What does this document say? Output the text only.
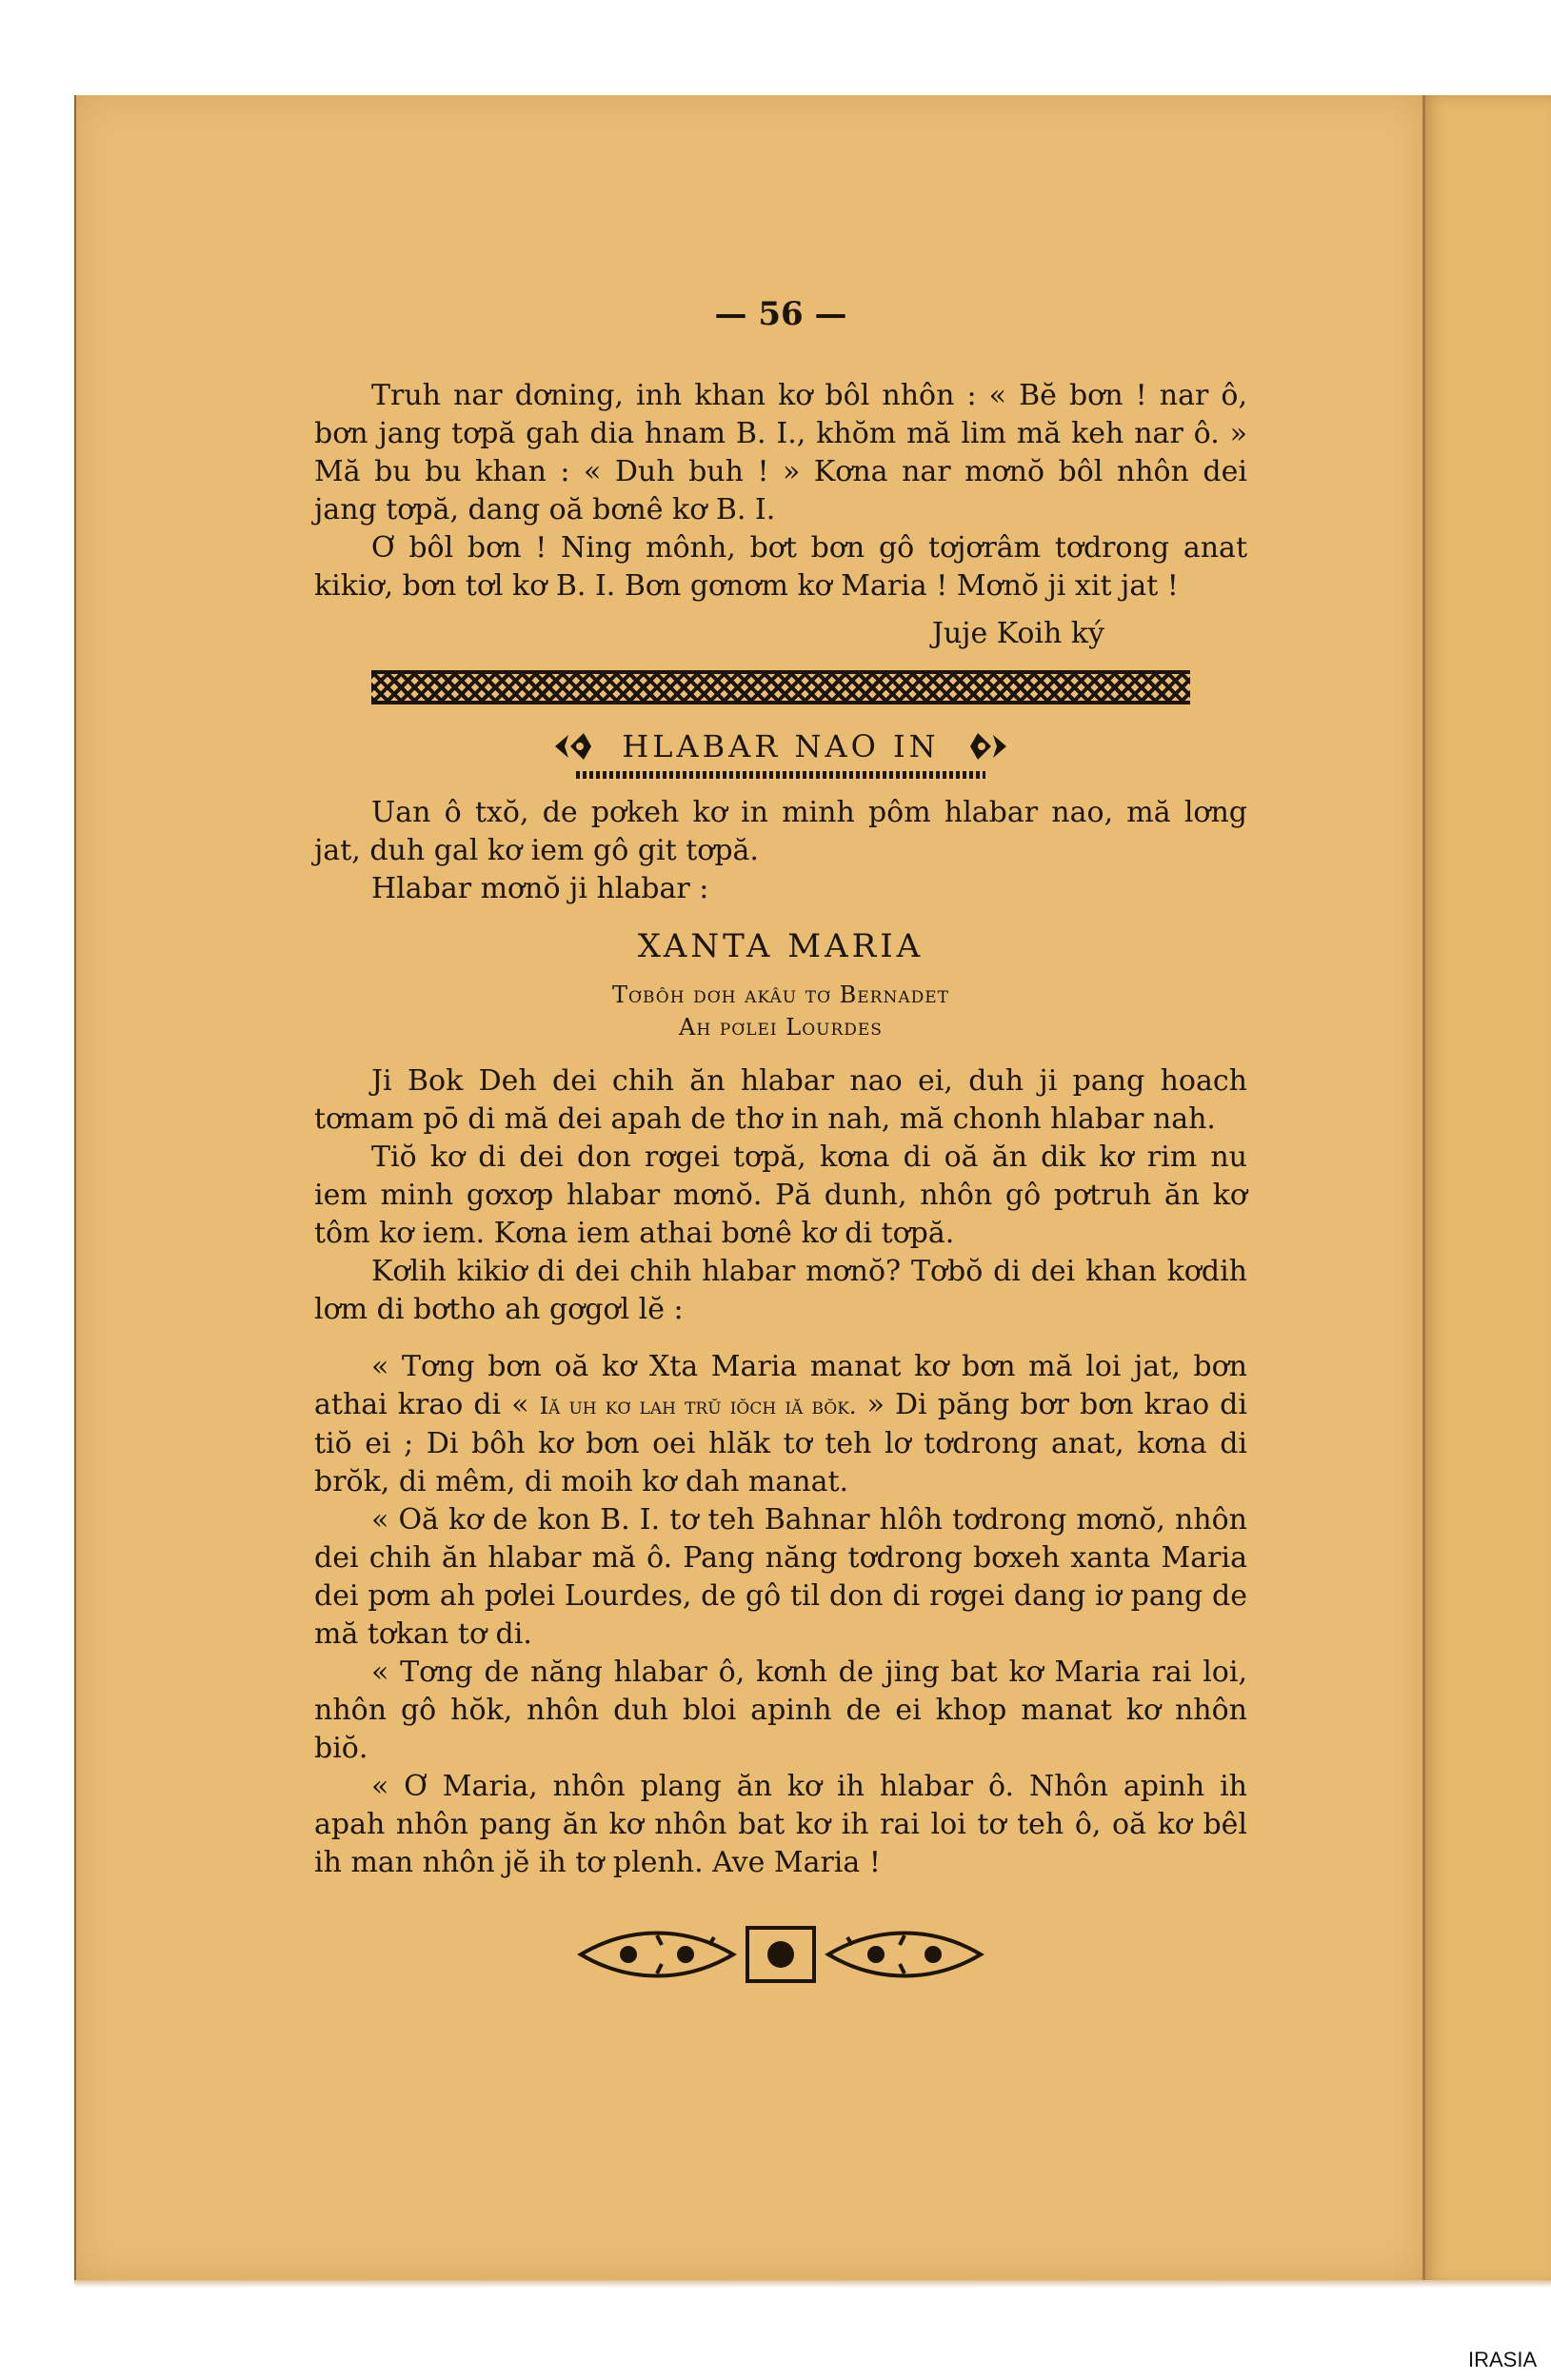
— 56 —

Truh nar dơning, inh khan kơ bôl nhôn : « Bĕ bơn ! nar ô, bơn jang tơpă gah dia hnam B. I., khŏm mă lim mă keh nar ô. » Mă bu bu khan : « Duh buh ! » Kơna nar mơnŏ bôl nhôn dei jang tơpă, dang oă bơnê kơ B. I.

Ơ bôl bơn ! Ning mônh, bơt bơn gô tơjơrâm tơdrong anat kikiơ, bơn tơl kơ B. I. Bơn gơnơm kơ Maria ! Mơnŏ ji xit jat !

Juje Koih ký

HLABAR NAO IN

Uan ô txŏ, de pơkeh kơ in minh pôm hlabar nao, mă lơng jat, duh gal kơ iem gô git tơpă.

Hlabar mơnŏ ji hlabar :

XANTA MARIA
Tơbôh dơh akâu tơ Bernadet
Ah pơlei Lourdes

Ji Bok Deh dei chih ăn hlabar nao ei, duh ji pang hoach tơmam pō di mă dei apah de thơ in nah, mă chonh hlabar nah.

Tiŏ kơ di dei don rơgei tơpă, kơna di oă ăn dik kơ rim nu iem minh gơxơp hlabar mơnŏ. Pă dunh, nhôn gô pơtruh ăn kơ tôm kơ iem. Kơna iem athai bơnê kơ di tơpă.

Kơlih kikiơ di dei chih hlabar mơnŏ? Tơbŏ di dei khan kơdih lơm di bơtho ah gơgơl lĕ :

« Tơng bơn oă kơ Xta Maria manat kơ bơn mă loi jat, bơn athai krao di « Iă uh kơ lah trŭ iŏch iă bŏk. » Di păng bơr bơn krao di tiŏ ei ; Di bôh kơ bơn oei hlăk tơ teh lơ tơdrong anat, kơna di brŏk, di mêm, di moih kơ dah manat.

« Oă kơ de kon B. I. tơ teh Bahnar hlôh tơdrong mơnŏ, nhôn dei chih ăn hlabar mă ô. Pang năng tơdrong bơxeh xanta Maria dei pơm ah pơlei Lourdes, de gô til don di rơgei dang iơ pang de mă tơkan tơ di.

« Tơng de năng hlabar ô, kơnh de jing bat kơ Maria rai loi, nhôn gô hŏk, nhôn duh bloi apinh de ei khop manat kơ nhôn biŏ.

« Ơ Maria, nhôn plang ăn kơ ih hlabar ô. Nhôn apinh ih apah nhôn pang ăn kơ nhôn bat kơ ih rai loi tơ teh ô, oă kơ bêl ih man nhôn jĕ ih tơ plenh. Ave Maria !

IRASIA
